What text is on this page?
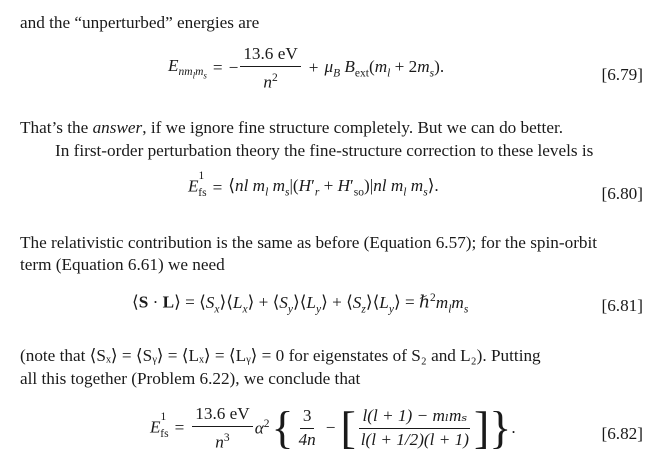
and the “unperturbed” energies are
$E_{nm_lm_s}$ = − $\frac{13.6 eV}{n^2} + \mu_B$ $B_{ext}(m_l + 2m_s)$.	[6.79]
That’s the answer, if we ignore fine structure completely. But we can do better.
In first-order perturbation theory the fine-structure correction to these levels is
$E^1_{fs}$ = ⟨nl $m_l$ $m_s|(H'_r + H'_{so})|nl$ $m_l$ $m_s⟩$.	[6.80]
The relativistic contribution is the same as before (Equation 6.57); for the spin-orbit
term (Equation 6.61) we need
⟨S · L⟩ = $⟨S_x⟩⟨L_x⟩$ + $⟨S_y⟩⟨L_y⟩$ + $⟨S_z⟩⟨L_y⟩$ = $\hbar^2m_lm_s$	[6.81]
(note that ⟨Sₓ⟩ = ⟨Sᵧ⟩ = ⟨Lₓ⟩ = ⟨Lᵧ⟩ = 0 for eigenstates of S₂ and L₂). Putting
all this together (Problem 6.22), we conclude that
$E^1_{fs} = \frac{13.6 eV}{n^3} \alpha^2$ { $\frac{3}{4n}$ − [ $\frac{\text{l(l + 1) − mₗmₛ}}{l(l + 1/2)(l + 1)}$ ] } .	[6.82]
